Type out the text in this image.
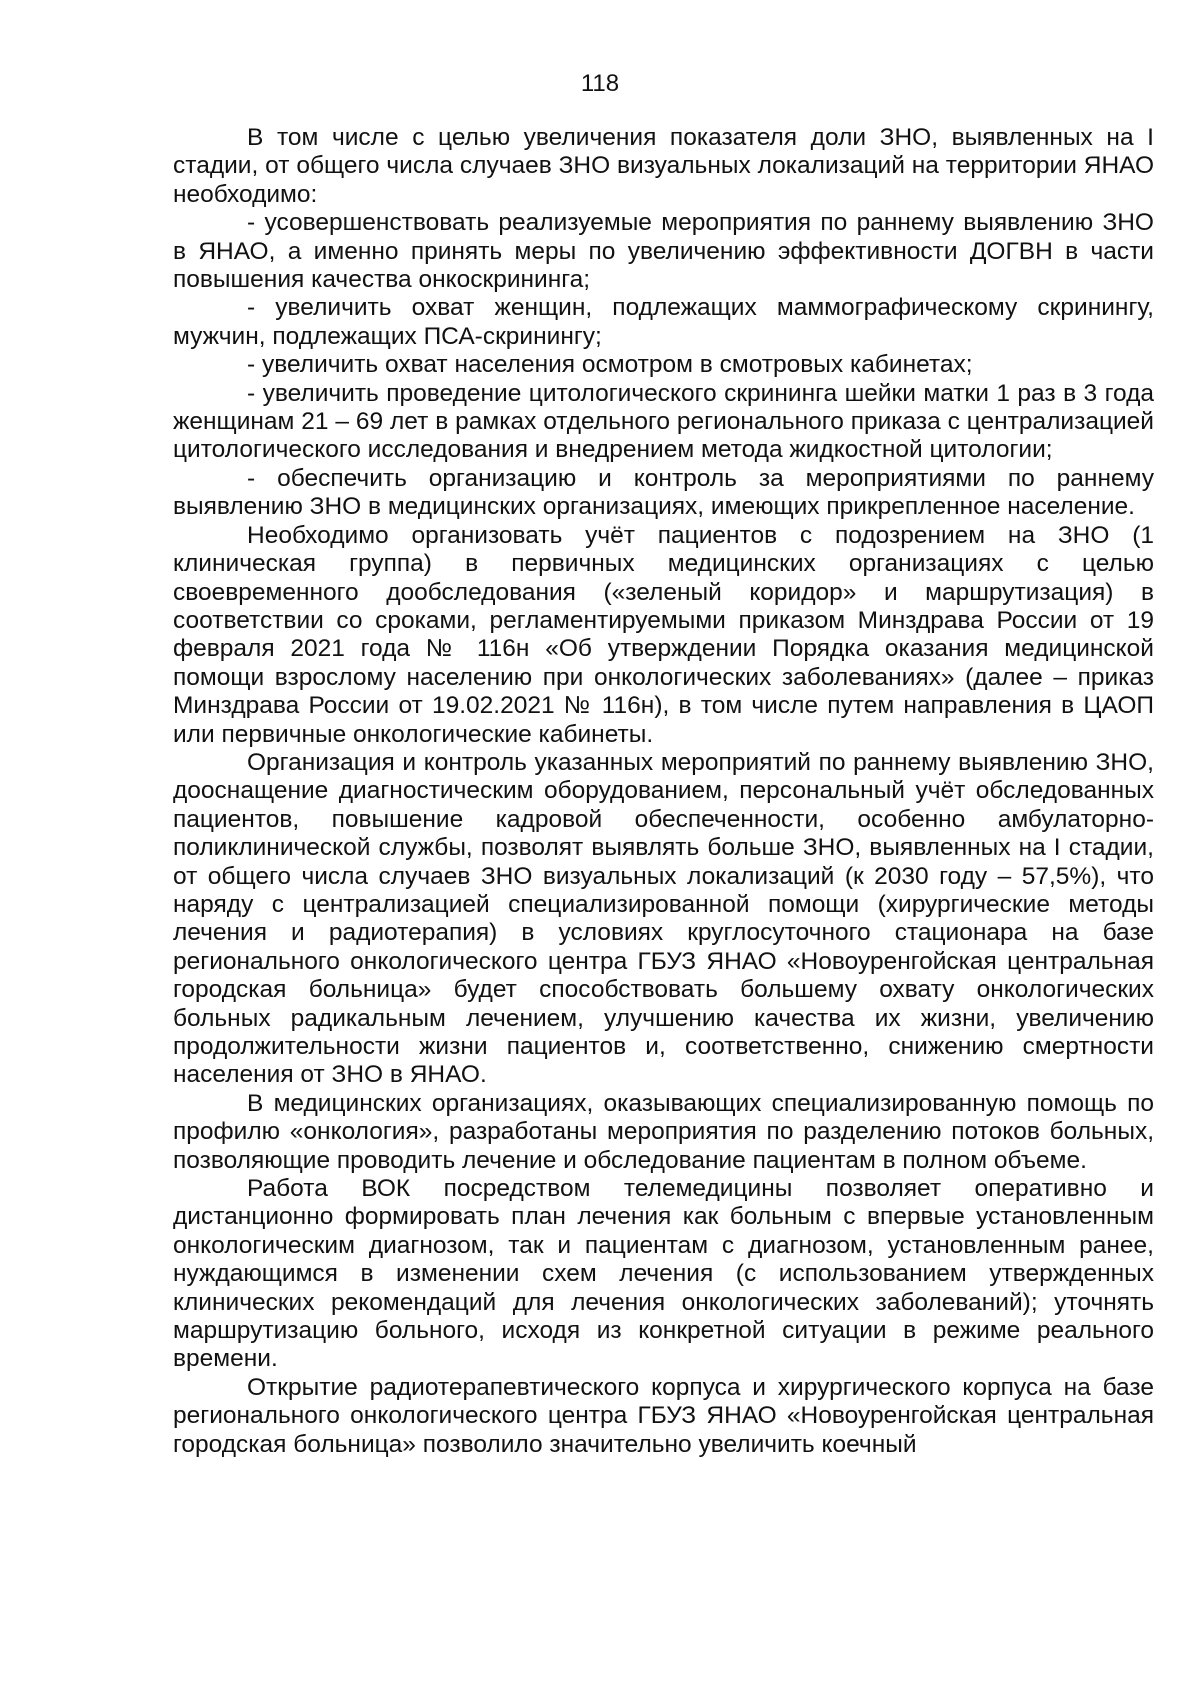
118

В том числе с целью увеличения показателя доли ЗНО, выявленных на I стадии, от общего числа случаев ЗНО визуальных локализаций на территории ЯНАО необходимо:

- усовершенствовать реализуемые мероприятия по раннему выявлению ЗНО в ЯНАО, а именно принять меры по увеличению эффективности ДОГВН в части повышения качества онкоскрининга;

- увеличить охват женщин, подлежащих маммографическому скринингу, мужчин, подлежащих ПСА-скринингу;

- увеличить охват населения осмотром в смотровых кабинетах;

- увеличить проведение цитологического скрининга шейки матки 1 раз в 3 года женщинам 21 – 69 лет в рамках отдельного регионального приказа с централизацией цитологического исследования и внедрением метода жидкостной цитологии;

- обеспечить организацию и контроль за мероприятиями по раннему выявлению ЗНО в медицинских организациях, имеющих прикрепленное население.

Необходимо организовать учёт пациентов с подозрением на ЗНО (1 клиническая группа) в первичных медицинских организациях с целью своевременного дообследования («зеленый коридор» и маршрутизация) в соответствии со сроками, регламентируемыми приказом Минздрава России от 19 февраля 2021 года № 116н «Об утверждении Порядка оказания медицинской помощи взрослому населению при онкологических заболеваниях» (далее – приказ Минздрава России от 19.02.2021 № 116н), в том числе путем направления в ЦАОП или первичные онкологические кабинеты.

Организация и контроль указанных мероприятий по раннему выявлению ЗНО, дооснащение диагностическим оборудованием, персональный учёт обследованных пациентов, повышение кадровой обеспеченности, особенно амбулаторно-поликлинической службы, позволят выявлять больше ЗНО, выявленных на I стадии, от общего числа случаев ЗНО визуальных локализаций (к 2030 году – 57,5%), что наряду с централизацией специализированной помощи (хирургические методы лечения и радиотерапия) в условиях круглосуточного стационара на базе регионального онкологического центра ГБУЗ ЯНАО «Новоуренгойская центральная городская больница» будет способствовать большему охвату онкологических больных радикальным лечением, улучшению качества их жизни, увеличению продолжительности жизни пациентов и, соответственно, снижению смертности населения от ЗНО в ЯНАО.

В медицинских организациях, оказывающих специализированную помощь по профилю «онкология», разработаны мероприятия по разделению потоков больных, позволяющие проводить лечение и обследование пациентам в полном объеме.

Работа ВОК посредством телемедицины позволяет оперативно и дистанционно формировать план лечения как больным с впервые установленным онкологическим диагнозом, так и пациентам с диагнозом, установленным ранее, нуждающимся в изменении схем лечения (с использованием утвержденных клинических рекомендаций для лечения онкологических заболеваний); уточнять маршрутизацию больного, исходя из конкретной ситуации в режиме реального времени.

Открытие радиотерапевтического корпуса и хирургического корпуса на базе регионального онкологического центра ГБУЗ ЯНАО «Новоуренгойская центральная городская больница» позволило значительно увеличить коечный
